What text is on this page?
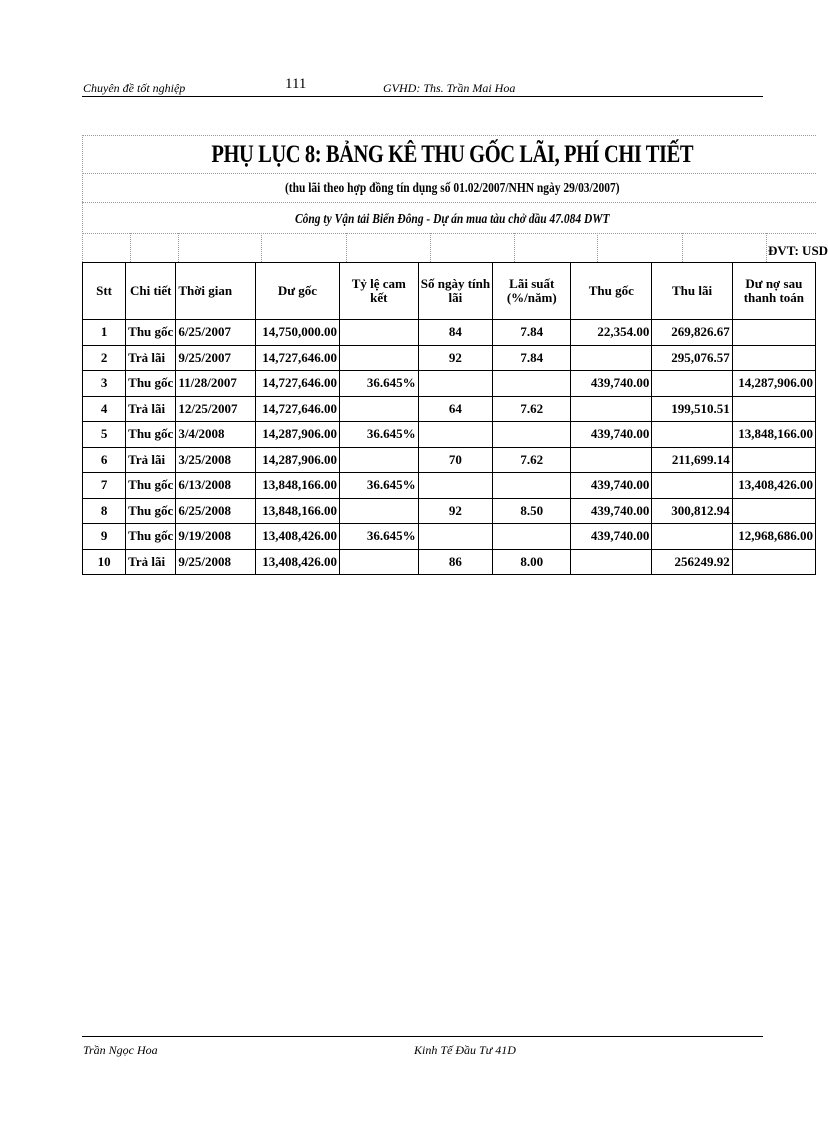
Chuyên đề tốt nghiệp	111	GVHD: Ths. Trần Mai Hoa
PHỤ LỤC 8: BẢNG KÊ THU GỐC LÃI, PHÍ CHI TIẾT
(thu lãi theo hợp đồng tín dụng số 01.02/2007/NHN ngày 29/03/2007)
Công ty Vận tải Biển Đông - Dự án mua tàu chở dầu 47.084 DWT
ĐVT: USD
Stt	Chi tiết	Thời gian	Dư gốc	Tỷ lệ cam kết	Số ngày tính lãi	Lãi suất (%/năm)	Thu gốc	Thu lãi	Dư nợ sau thanh toán
1	Thu gốc	6/25/2007	14,750,000.00		84	7.84	22,354.00	269,826.67	
2	Trả lãi	9/25/2007	14,727,646.00		92	7.84		295,076.57	
3	Thu gốc	11/28/2007	14,727,646.00	36.645%			439,740.00		14,287,906.00
4	Trả lãi	12/25/2007	14,727,646.00		64	7.62		199,510.51	
5	Thu gốc	3/4/2008	14,287,906.00	36.645%			439,740.00		13,848,166.00
6	Trả lãi	3/25/2008	14,287,906.00		70	7.62		211,699.14	
7	Thu gốc	6/13/2008	13,848,166.00	36.645%			439,740.00		13,408,426.00
8	Thu gốc	6/25/2008	13,848,166.00		92	8.50	439,740.00	300,812.94	
9	Thu gốc	9/19/2008	13,408,426.00	36.645%			439,740.00		12,968,686.00
10	Trả lãi	9/25/2008	13,408,426.00		86	8.00		256249.92	
Trần Ngọc Hoa	Kinh Tế Đầu Tư 41D
